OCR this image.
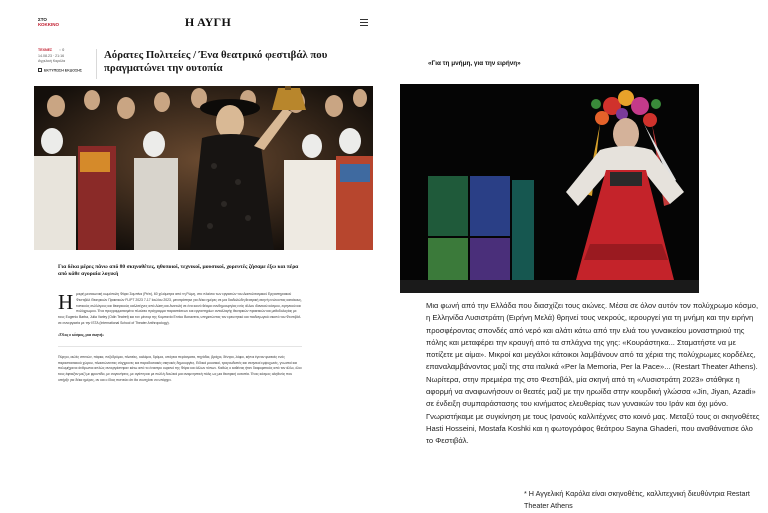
ΣΤΟ
ΚΟΚΚΙΝΟ	Η ΑΥΓΗ
ΤΕΧΝΕΣ ◌ 0
14.08.23 · 21:16
Αγγελική Καρόλα
ΕΚΤΥΠΩΣΗ ΕΚΔΟΣΗΣ
Αόρατες Πολιτείες / Ένα θεατρικό φεστιβάλ που πραγματώνει την ουτοπία
Για δέκα μέρες πάνω από 80 σκηνοθέτες, ηθοποιοί, τεχνικοί, μουσικοί, χορευτές ζήσαμε έξω και πέρα από κάθε αγοραία λογική
Η μικρή μεσαιωνική κωμόπολη Φάρα Σαμπίνα (Ριέτι), 60 χιλιόμετρα από τη Ρώμη, στο πλαίσιο των εργασιών του Διαπολιτισμικού Εργαστηριακού Φεστιβάλ Θεατρικών Πρακτικών FLIPT 2023 7-17 Ιουλίου 2023, μετατράπηκε για δέκα ημέρες σε μια δαιδαλώδη θεατρική σκηνή ενώνοντας κατοίκους, τοπικούς συλλόγους και θεατρικούς καλλιτέχνες από Δύση και Ανατολή σε ένα κοινό θέαμα συνδημιουργίας ενός άλλου ιδανικού κόσμου, ειρηνικού και πολύχρωμου. Ένα προγραμματισμένο πλούσιο πρόγραμμα παραστάσεων και εργαστηρίων ανταλλαγής θεατρικών πρακτικών και μεθοδολογίας με τους Eugenio Barba, Julia Varley (Odin Teatret) και τον μέντορ της Κομπανία Enrico Bonavera, υπηρετώντας τον ερευνητικό και παιδαγωγικό σκοπό του Φεστιβάλ σε συνεργασία με την ISTA (International School of Theater Anthropology).

«Όλος ο κόσμος, μια σκηνή»

Πύργοι, αυλές σπιτιών, πάρκα, πεζοδρόμια, πλατείες, καλάμια, δρόμοι, υπόγεια περάσματα, πηγάδια, βράχοι, δέντρα, λόφοι, κήποι έγιναν φυσικές ενός παραστασιακού χώρου, πλαισιώνοντας σύγχρονες και παραδοσιακές σκηνικές δημιουργίες. Ειδικοί μουσικοί, τραγουδιστές και σκηνικοί εμψυχωτές, γνωστοί και πολυμήχανοι άνθρωποι απλώς συνεργάστηκαν κάτω από το έναστρο ουρανό της Φάρα και άλλων τόπων. Καθώς ο καθένας ήταν διαφορετικός από τον άλλο, όλοι τους έφτιαξαν μαζί με φροντίδα, με συγκινήσεις, με αγάπη και με πολλή δουλειά μια αναμνηστική πόλη ως μια θεατρική ουτοπία. Ένας κόσμος αληθινός που υπήρξε για δέκα ημέρες, αν και ο ίδιος πιστεύει ότι θα συνεχίσει να υπάρχει.

«Για τη μνήμη, για την ειρήνη»

Μια φωνή από την Ελλάδα που διασχίζει τους αιώνες. Μέσα σε όλον αυτόν τον πολύχρωμο κόσμο, η Ελληνίδα Λυσιστράτη (Ειρήνη Μελά) θρηνεί τους νεκρούς, ιερουργεί για τη μνήμη και την ειρήνη προσφέροντας σπονδές από νερό και αλάτι κάτω από την ελιά του γυναικείου μοναστηριού της πόλης και μεταφέρει την κραυγή από τα σπλάχνα της γης: «Κουράστηκα... Σταματήστε να με ποτίζετε με αίμα». Μικροί και μεγάλοι κάτοικοι λαμβάνουν από τα χέρια της πολύχρωμες κορδέλες, επαναλαμβάνοντας μαζί της στα ιταλικά «Per la Memoria, Per la Pace»... (Restart Theater Athens). Νωρίτερα, στην πρεμιέρα της στο Φεστιβάλ, μία σκηνή από τη «Λυσιστράτη 2023» στάθηκε η αφορμή να αναφωνήσουν οι θεατές μαζί με την ηρωίδα στην κουρδική γλώσσα «Jin, Jiyan, Azadi» σε ένδειξη συμπαράστασης του κινήματος ελευθερίας των γυναικών του Ιράν και όχι μόνο. Γνωριστήκαμε με συγκίνηση με τους Ιρανούς καλλιτέχνες στο κοινό μας. Μεταξύ τους οι σκηνοθέτες Hasti Hosseini, Mostafa Koshki και η φωτογράφος θεάτρου Sayna Ghaderi, που αναθάνατισε όλο το Φεστιβάλ.

* Η Αγγελική Καρόλα είναι σκηνοθέτις, καλλιτεχνική διευθύντρια Restart Theater Athens
